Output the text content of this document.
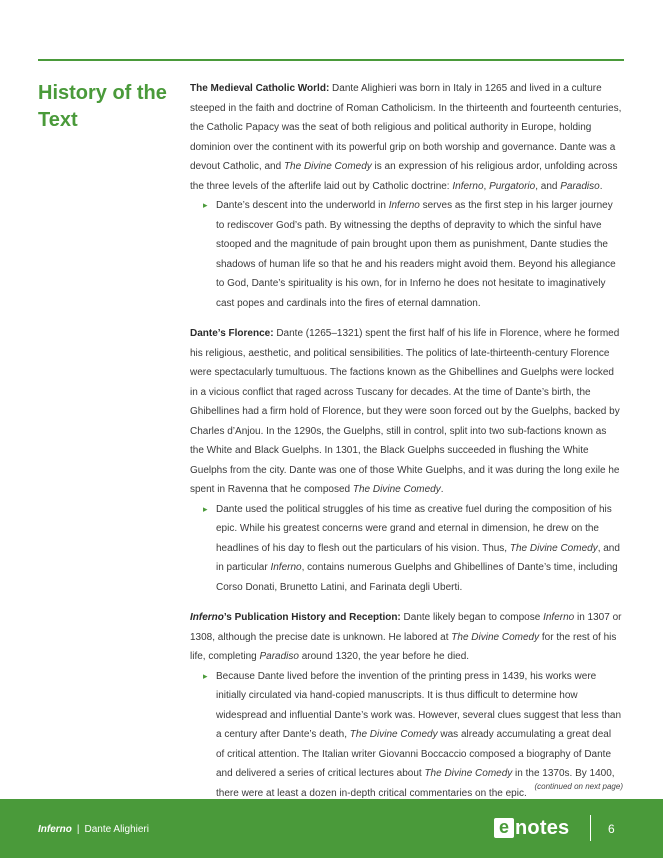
History of the Text

The Medieval Catholic World: Dante Alighieri was born in Italy in 1265 and lived in a culture steeped in the faith and doctrine of Roman Catholicism. In the thirteenth and fourteenth centuries, the Catholic Papacy was the seat of both religious and political authority in Europe, holding dominion over the continent with its powerful grip on both worship and governance. Dante was a devout Catholic, and The Divine Comedy is an expression of his religious ardor, unfolding across the three levels of the afterlife laid out by Catholic doctrine: Inferno, Purgatorio, and Paradiso.

▸ Dante’s descent into the underworld in Inferno serves as the first step in his larger journey to rediscover God’s path. By witnessing the depths of depravity to which the sinful have stooped and the magnitude of pain brought upon them as punishment, Dante studies the shadows of human life so that he and his readers might avoid them. Beyond his allegiance to God, Dante’s spirituality is his own, for in Inferno he does not hesitate to imaginatively cast popes and cardinals into the fires of eternal damnation.

Dante’s Florence: Dante (1265–1321) spent the first half of his life in Florence, where he formed his religious, aesthetic, and political sensibilities. The politics of late-thirteenth-century Florence were spectacularly tumultuous. The factions known as the Ghibellines and Guelphs were locked in a vicious conflict that raged across Tuscany for decades. At the time of Dante’s birth, the Ghibellines had a firm hold of Florence, but they were soon forced out by the Guelphs, backed by Charles d’Anjou. In the 1290s, the Guelphs, still in control, split into two sub-factions known as the White and Black Guelphs. In 1301, the Black Guelphs succeeded in flushing the White Guelphs from the city. Dante was one of those White Guelphs, and it was during the long exile he spent in Ravenna that he composed The Divine Comedy.

▸ Dante used the political struggles of his time as creative fuel during the composition of his epic. While his greatest concerns were grand and eternal in dimension, he drew on the headlines of his day to flesh out the particulars of his vision. Thus, The Divine Comedy, and in particular Inferno, contains numerous Guelphs and Ghibellines of Dante’s time, including Corso Donati, Brunetto Latini, and Farinata degli Uberti.

Inferno’s Publication History and Reception: Dante likely began to compose Inferno in 1307 or 1308, although the precise date is unknown. He labored at The Divine Comedy for the rest of his life, completing Paradiso around 1320, the year before he died.

▸ Because Dante lived before the invention of the printing press in 1439, his works were initially circulated via hand-copied manuscripts. It is thus difficult to determine how widespread and influential Dante’s work was. However, several clues suggest that less than a century after Dante’s death, The Divine Comedy was already accumulating a great deal of critical attention. The Italian writer Giovanni Boccaccio composed a biography of Dante and delivered a series of critical lectures about The Divine Comedy in the 1370s. By 1400, there were at least a dozen in-depth critical commentaries on the epic.

(continued on next page)
Inferno | Dante Alighieri	e notes	6
